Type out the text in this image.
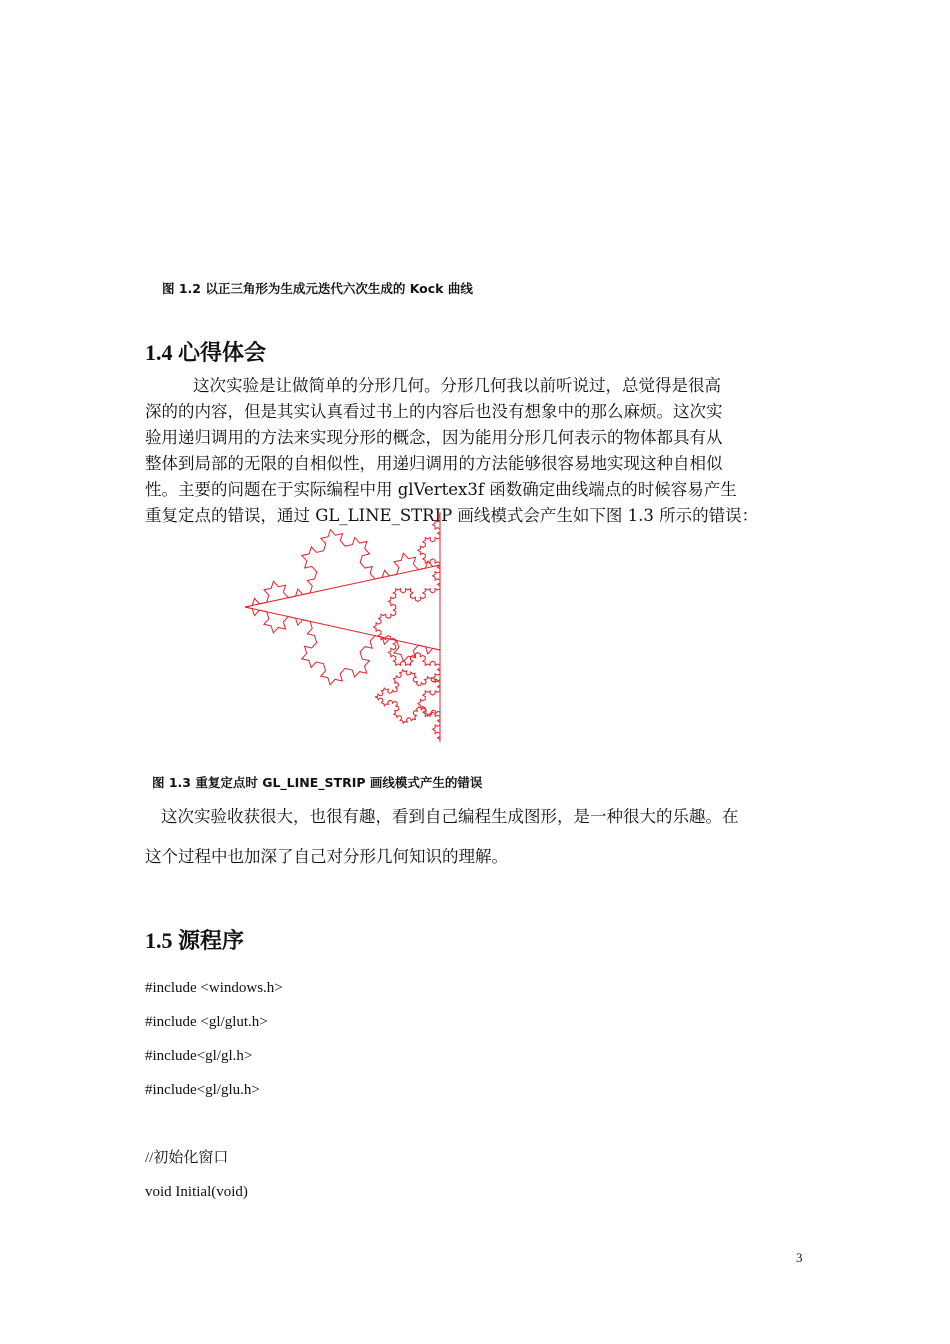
图 1.2 以正三角形为生成元迭代六次生成的 Kock 曲线
1.4 心得体会
这次实验是让做简单的分形几何。分形几何我以前听说过，总觉得是很高
深的的内容，但是其实认真看过书上的内容后也没有想象中的那么麻烦。这次实
验用递归调用的方法来实现分形的概念，因为能用分形几何表示的物体都具有从
整体到局部的无限的自相似性，用递归调用的方法能够很容易地实现这种自相似
性。主要的问题在于实际编程中用 glVertex3f 函数确定曲线端点的时候容易产生
重复定点的错误，通过 GL_LINE_STRIP 画线模式会产生如下图 1.3 所示的错误：
图 1.3 重复定点时 GL_LINE_STRIP 画线模式产生的错误
这次实验收获很大，也很有趣，看到自己编程生成图形，是一种很大的乐趣。在
这个过程中也加深了自己对分形几何知识的理解。
1.5 源程序
#include <windows.h>
#include <gl/glut.h>
#include<gl/gl.h>
#include<gl/glu.h>
//初始化窗口
void Initial(void)
3
